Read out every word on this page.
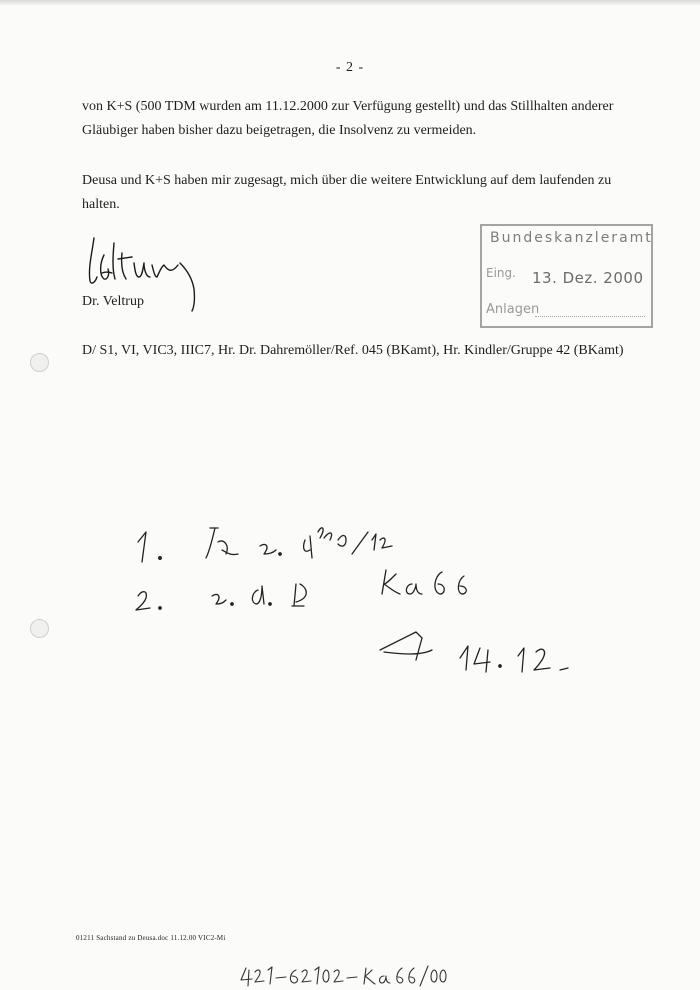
- 2 -

von K+S (500 TDM wurden am 11.12.2000 zur Verfügung gestellt) und das Stillhalten anderer
Gläubiger haben bisher dazu beigetragen, die Insolvenz zu vermeiden.

Deusa und K+S haben mir zugesagt, mich über die weitere Entwicklung auf dem laufenden zu
halten.

Dr. Veltrup
Bundeskanzleramt
Eing. 13. Dez. 2000
Anlagen
D/ S1, VI, VIC3, IIIC7, Hr. Dr. Dahremöller/Ref. 045 (BKamt), Hr. Kindler/Gruppe 42 (BKamt)
01211 Sachstand zu Deusa.doc 11.12.00 VIC2-Mi
